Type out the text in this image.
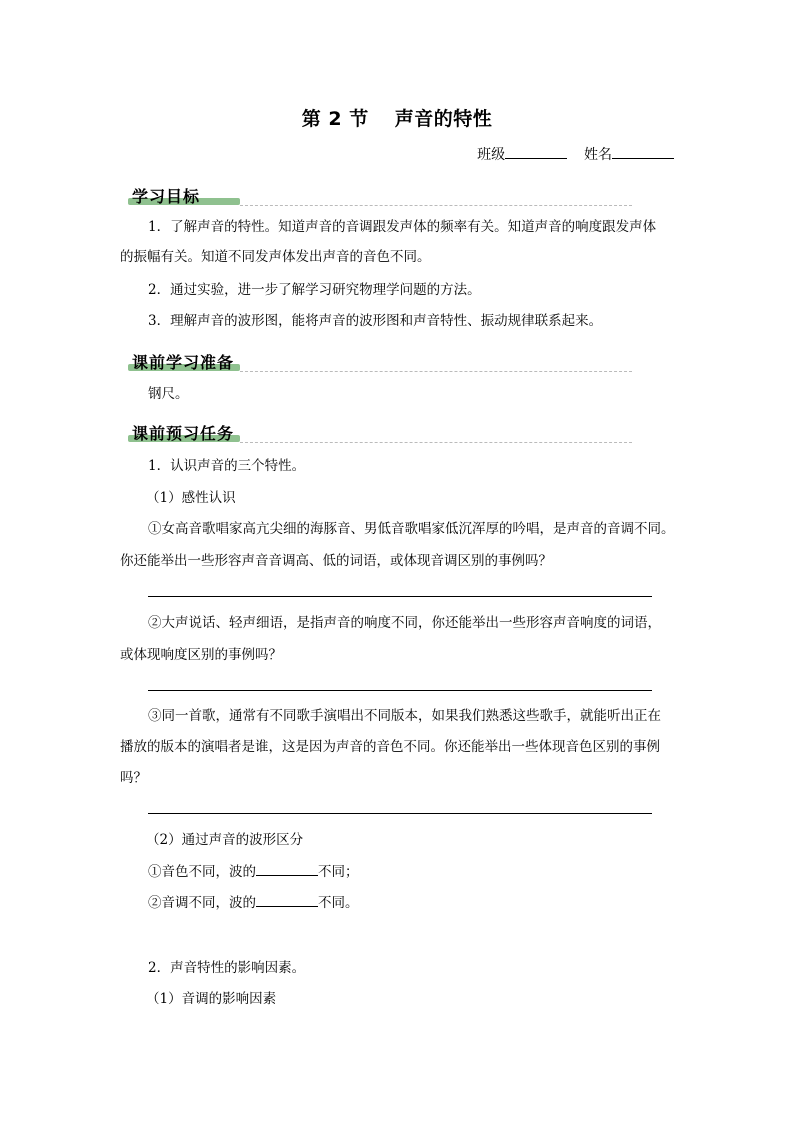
第 2 节 声音的特性
班级	姓名
学习目标
1．了解声音的特性。知道声音的音调跟发声体的频率有关。知道声音的响度跟发声体
的振幅有关。知道不同发声体发出声音的音色不同。
2．通过实验，进一步了解学习研究物理学问题的方法。
3．理解声音的波形图，能将声音的波形图和声音特性、振动规律联系起来。
课前学习准备
钢尺。
课前预习任务
1．认识声音的三个特性。
（1）感性认识
①女高音歌唱家高亢尖细的海豚音、男低音歌唱家低沉浑厚的吟唱，是声音的音调不同。
你还能举出一些形容声音音调高、低的词语，或体现音调区别的事例吗？
②大声说话、轻声细语，是指声音的响度不同，你还能举出一些形容声音响度的词语，
或体现响度区别的事例吗？
③同一首歌，通常有不同歌手演唱出不同版本，如果我们熟悉这些歌手，就能听出正在
播放的版本的演唱者是谁，这是因为声音的音色不同。你还能举出一些体现音色区别的事例
吗？
（2）通过声音的波形区分
①音色不同，波的	不同；
②音调不同，波的	不同。
2．声音特性的影响因素。
（1）音调的影响因素
